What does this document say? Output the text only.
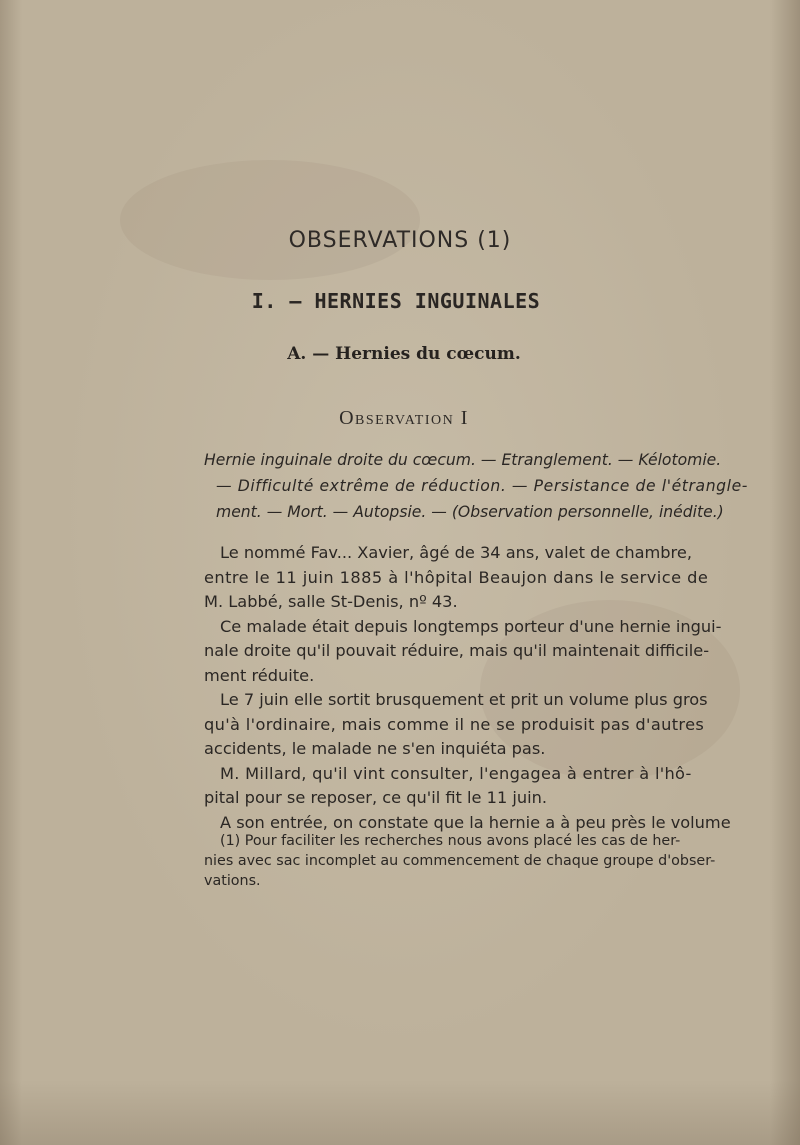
OBSERVATIONS (1)
I. — HERNIES INGUINALES
A. — Hernies du cœcum.
Observation I
Hernie inguinale droite du cœcum. — Etranglement. — Kélotomie.
— Difficulté extrême de réduction. — Persistance de l'étrangle-
ment. — Mort. — Autopsie. — (Observation personnelle, inédite.)
Le nommé Fav... Xavier, âgé de 34 ans, valet de chambre,
entre le 11 juin 1885 à l'hôpital Beaujon dans le service de
M. Labbé, salle St-Denis, nº 43.
Ce malade était depuis longtemps porteur d'une hernie ingui-
nale droite qu'il pouvait réduire, mais qu'il maintenait difficile-
ment réduite.
Le 7 juin elle sortit brusquement et prit un volume plus gros
qu'à l'ordinaire, mais comme il ne se produisit pas d'autres
accidents, le malade ne s'en inquiéta pas.
M. Millard, qu'il vint consulter, l'engagea à entrer à l'hô-
pital pour se reposer, ce qu'il fit le 11 juin.
A son entrée, on constate que la hernie a à peu près le volume
(1) Pour faciliter les recherches nous avons placé les cas de her-
nies avec sac incomplet au commencement de chaque groupe d'obser-
vations.
